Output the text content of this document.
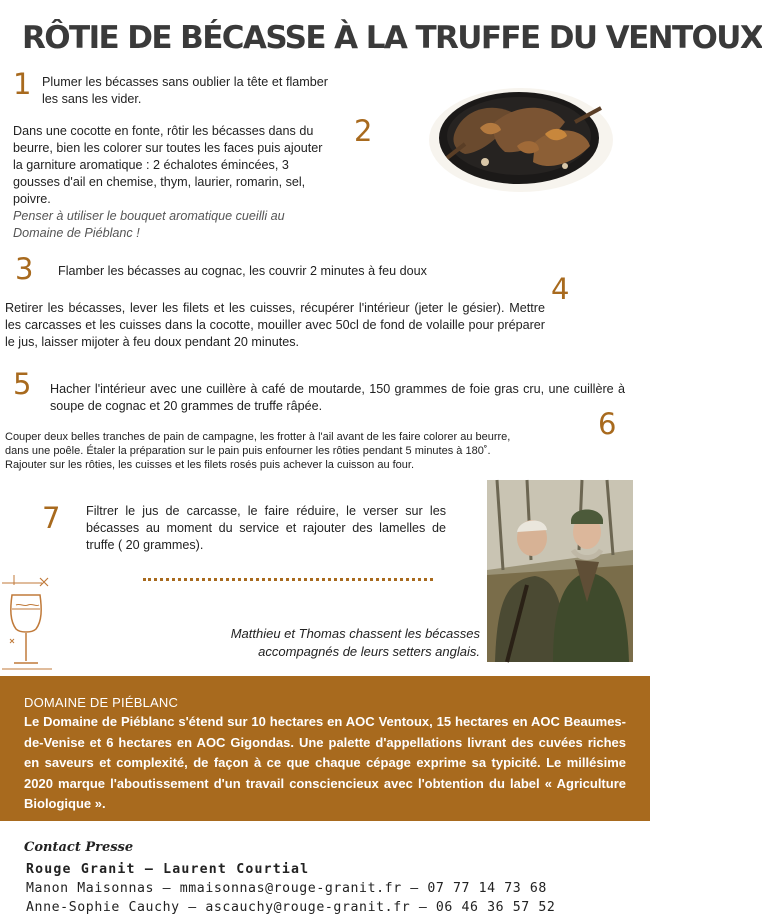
RÔTIE DE BÉCASSE À LA TRUFFE DU VENTOUX
1 Plumer les bécasses sans oublier la tête et flamber les sans les vider.
2
Dans une cocotte en fonte, rôtir les bécasses dans du beurre, bien les colorer sur toutes les faces puis ajouter la garniture aromatique : 2 échalotes émincées, 3 gousses d'ail en chemise, thym, laurier, romarin, sel, poivre.
Penser à utiliser le bouquet aromatique cueilli au Domaine de Piéblanc !
3 Flamber les bécasses au cognac, les couvrir 2 minutes à feu doux
4
Retirer les bécasses, lever les filets et les cuisses, récupérer l'intérieur (jeter le gésier). Mettre les carcasses et les cuisses dans la cocotte, mouiller avec 50cl de fond de volaille pour préparer le jus, laisser mijoter à feu doux pendant 20 minutes.
5 Hacher l'intérieur avec une cuillère à café de moutarde, 150 grammes de foie gras cru, une cuillère à soupe de cognac et 20 grammes de truffe râpée.
6
Couper deux belles tranches de pain de campagne, les frotter à l'ail avant de les faire colorer au beurre,
dans une poêle. Étaler la préparation sur le pain puis enfourner les rôties pendant 5 minutes à 180˚.
Rajouter sur les rôties, les cuisses et les filets rosés puis achever la cuisson au four.
7 Filtrer le jus de carcasse, le faire réduire, le verser sur les bécasses au moment du service et rajouter des lamelles de truffe ( 20 grammes).
Matthieu et Thomas chassent les bécasses
accompagnés de leurs setters anglais.
DOMAINE DE PIÉBLANC
Le Domaine de Piéblanc s'étend sur 10 hectares en AOC Ventoux, 15 hectares en AOC Beaumes-de-Venise et 6 hectares en AOC Gigondas. Une palette d'appellations livrant des cuvées riches en saveurs et complexité, de façon à ce que chaque cépage exprime sa typicité. Le millésime 2020 marque l'aboutissement d'un travail consciencieux avec l'obtention du label « Agriculture Biologique ».
Contact Presse
Rouge Granit – Laurent Courtial
Manon Maisonnas – mmaisonnas@rouge-granit.fr – 07 77 14 73 68
Anne-Sophie Cauchy – ascauchy@rouge-granit.fr – 06 46 36 57 52
